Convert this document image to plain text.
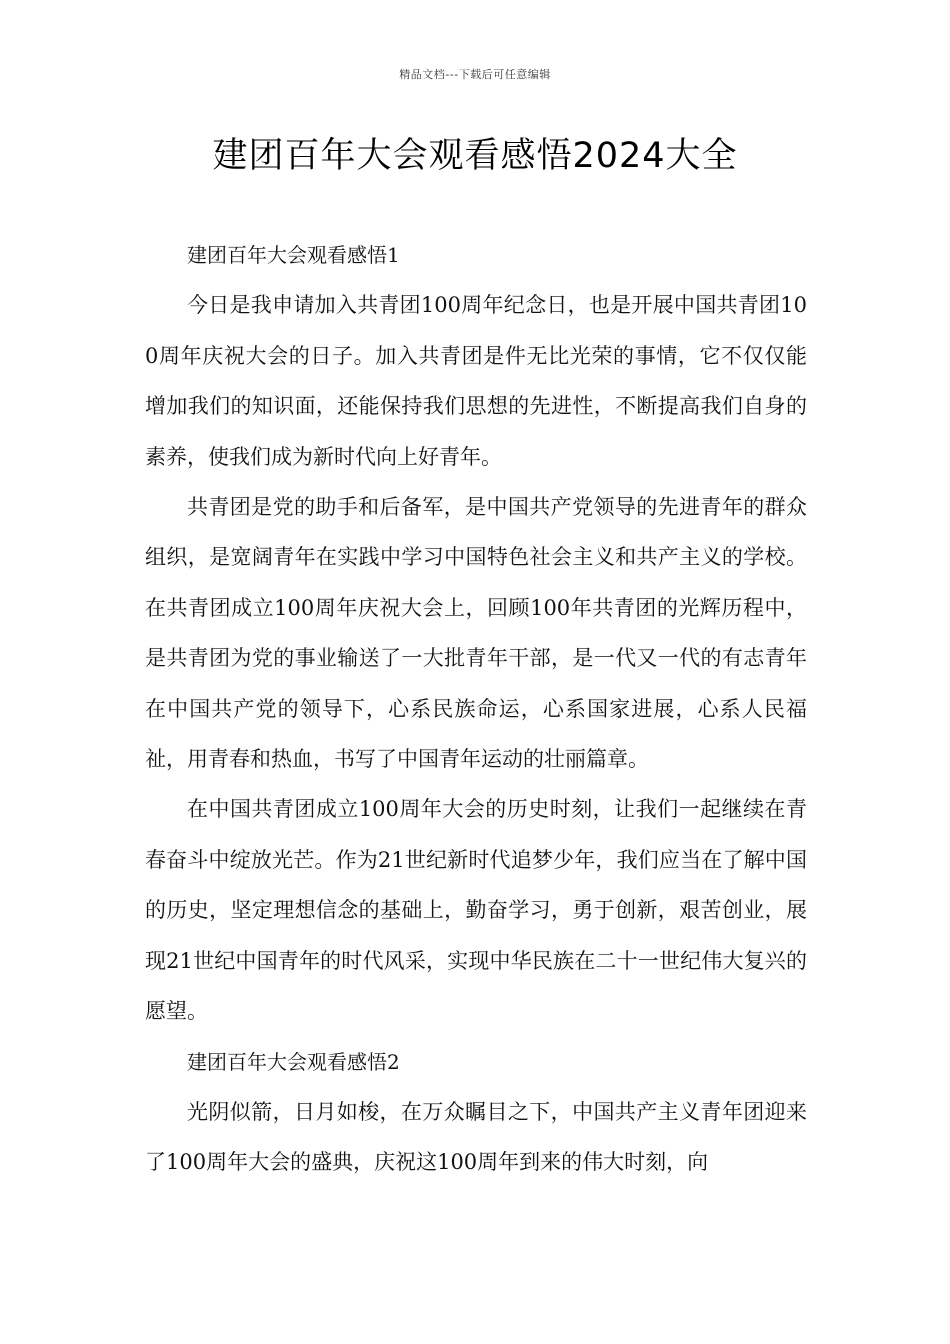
精品文档---下载后可任意编辑
建团百年大会观看感悟2024大全

建团百年大会观看感悟1

今日是我申请加入共青团100周年纪念日，也是开展中国共青团100周年庆祝大会的日子。加入共青团是件无比光荣的事情，它不仅仅能增加我们的知识面，还能保持我们思想的先进性，不断提高我们自身的素养，使我们成为新时代向上好青年。

共青团是党的助手和后备军，是中国共产党领导的先进青年的群众组织，是宽阔青年在实践中学习中国特色社会主义和共产主义的学校。在共青团成立100周年庆祝大会上，回顾100年共青团的光辉历程中，是共青团为党的事业输送了一大批青年干部，是一代又一代的有志青年在中国共产党的领导下，心系民族命运，心系国家进展，心系人民福祉，用青春和热血，书写了中国青年运动的壮丽篇章。

在中国共青团成立100周年大会的历史时刻，让我们一起继续在青春奋斗中绽放光芒。作为21世纪新时代追梦少年，我们应当在了解中国的历史，坚定理想信念的基础上，勤奋学习，勇于创新，艰苦创业，展现21世纪中国青年的时代风采，实现中华民族在二十一世纪伟大复兴的愿望。

建团百年大会观看感悟2

光阴似箭，日月如梭，在万众瞩目之下，中国共产主义青年团迎来了100周年大会的盛典，庆祝这100周年到来的伟大时刻，向
